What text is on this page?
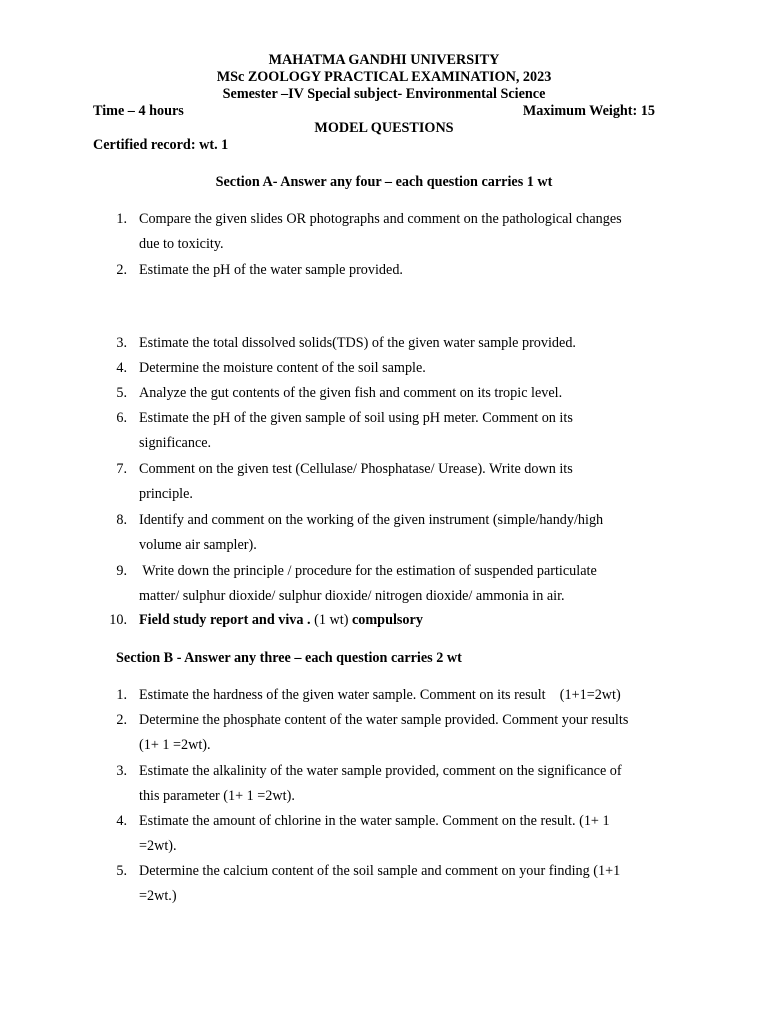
MAHATMA GANDHI UNIVERSITY
MSc ZOOLOGY PRACTICAL EXAMINATION, 2023
Semester –IV Special subject- Environmental Science
Time – 4 hours	Maximum Weight: 15
MODEL QUESTIONS
Certified record: wt. 1
Section A- Answer any four – each question carries 1 wt
1. Compare the given slides OR photographs and comment on the pathological changes
due to toxicity.
2. Estimate the pH of the water sample provided.
3. Estimate the total dissolved solids(TDS) of the given water sample provided.
4. Determine the moisture content of the soil sample.
5. Analyze the gut contents of the given fish and comment on its tropic level.
6. Estimate the pH of the given sample of soil using pH meter. Comment on its
significance.
7. Comment on the given test (Cellulase/ Phosphatase/ Urease). Write down its
principle.
8. Identify and comment on the working of the given instrument (simple/handy/high
volume air sampler).
9. Write down the principle / procedure for the estimation of suspended particulate
matter/ sulphur dioxide/ sulphur dioxide/ nitrogen dioxide/ ammonia in air.
10. Field study report and viva . (1 wt) compulsory
Section B - Answer any three – each question carries 2 wt
1. Estimate the hardness of the given water sample. Comment on its result    (1+1=2wt)
2. Determine the phosphate content of the water sample provided. Comment your results
(1+ 1 =2wt).
3. Estimate the alkalinity of the water sample provided, comment on the significance of
this parameter (1+ 1 =2wt).
4. Estimate the amount of chlorine in the water sample. Comment on the result. (1+ 1
=2wt).
5. Determine the calcium content of the soil sample and comment on your finding (1+1
=2wt.)
